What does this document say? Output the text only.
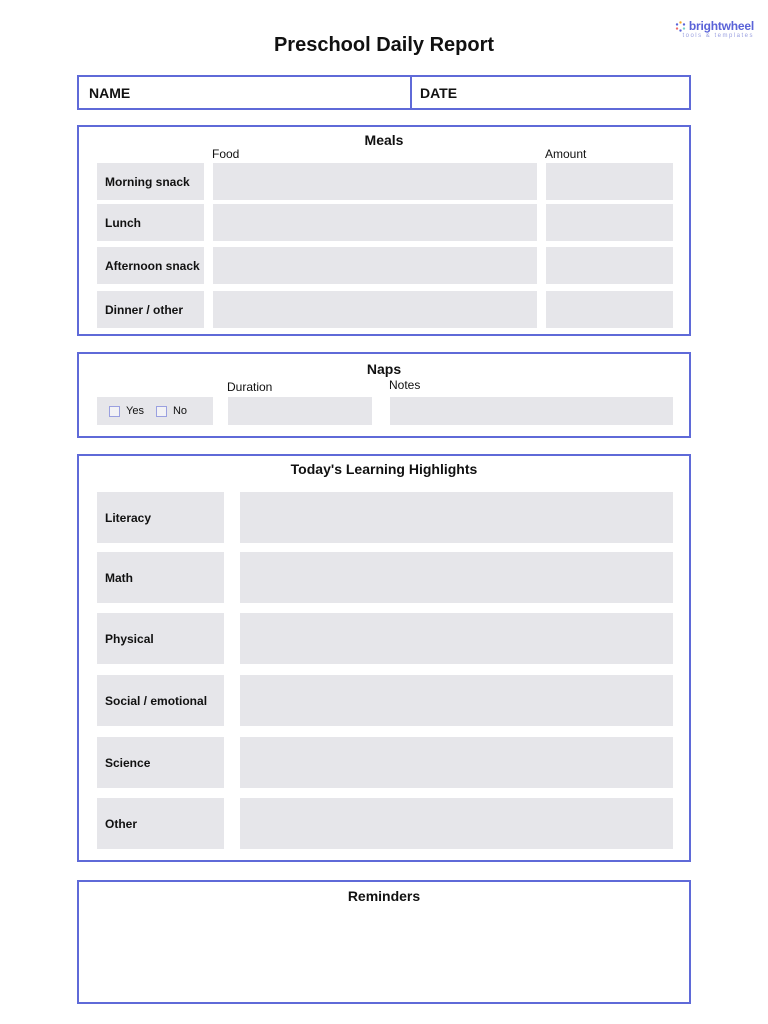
brightwheel
tools & templates
Preschool Daily Report
NAME	DATE
Meals
Food	Amount
Morning snack
Lunch
Afternoon snack
Dinner / other
Naps
Duration	Notes
Yes	No
Today's Learning Highlights
Literacy
Math
Physical
Social / emotional
Science
Other
Reminders
